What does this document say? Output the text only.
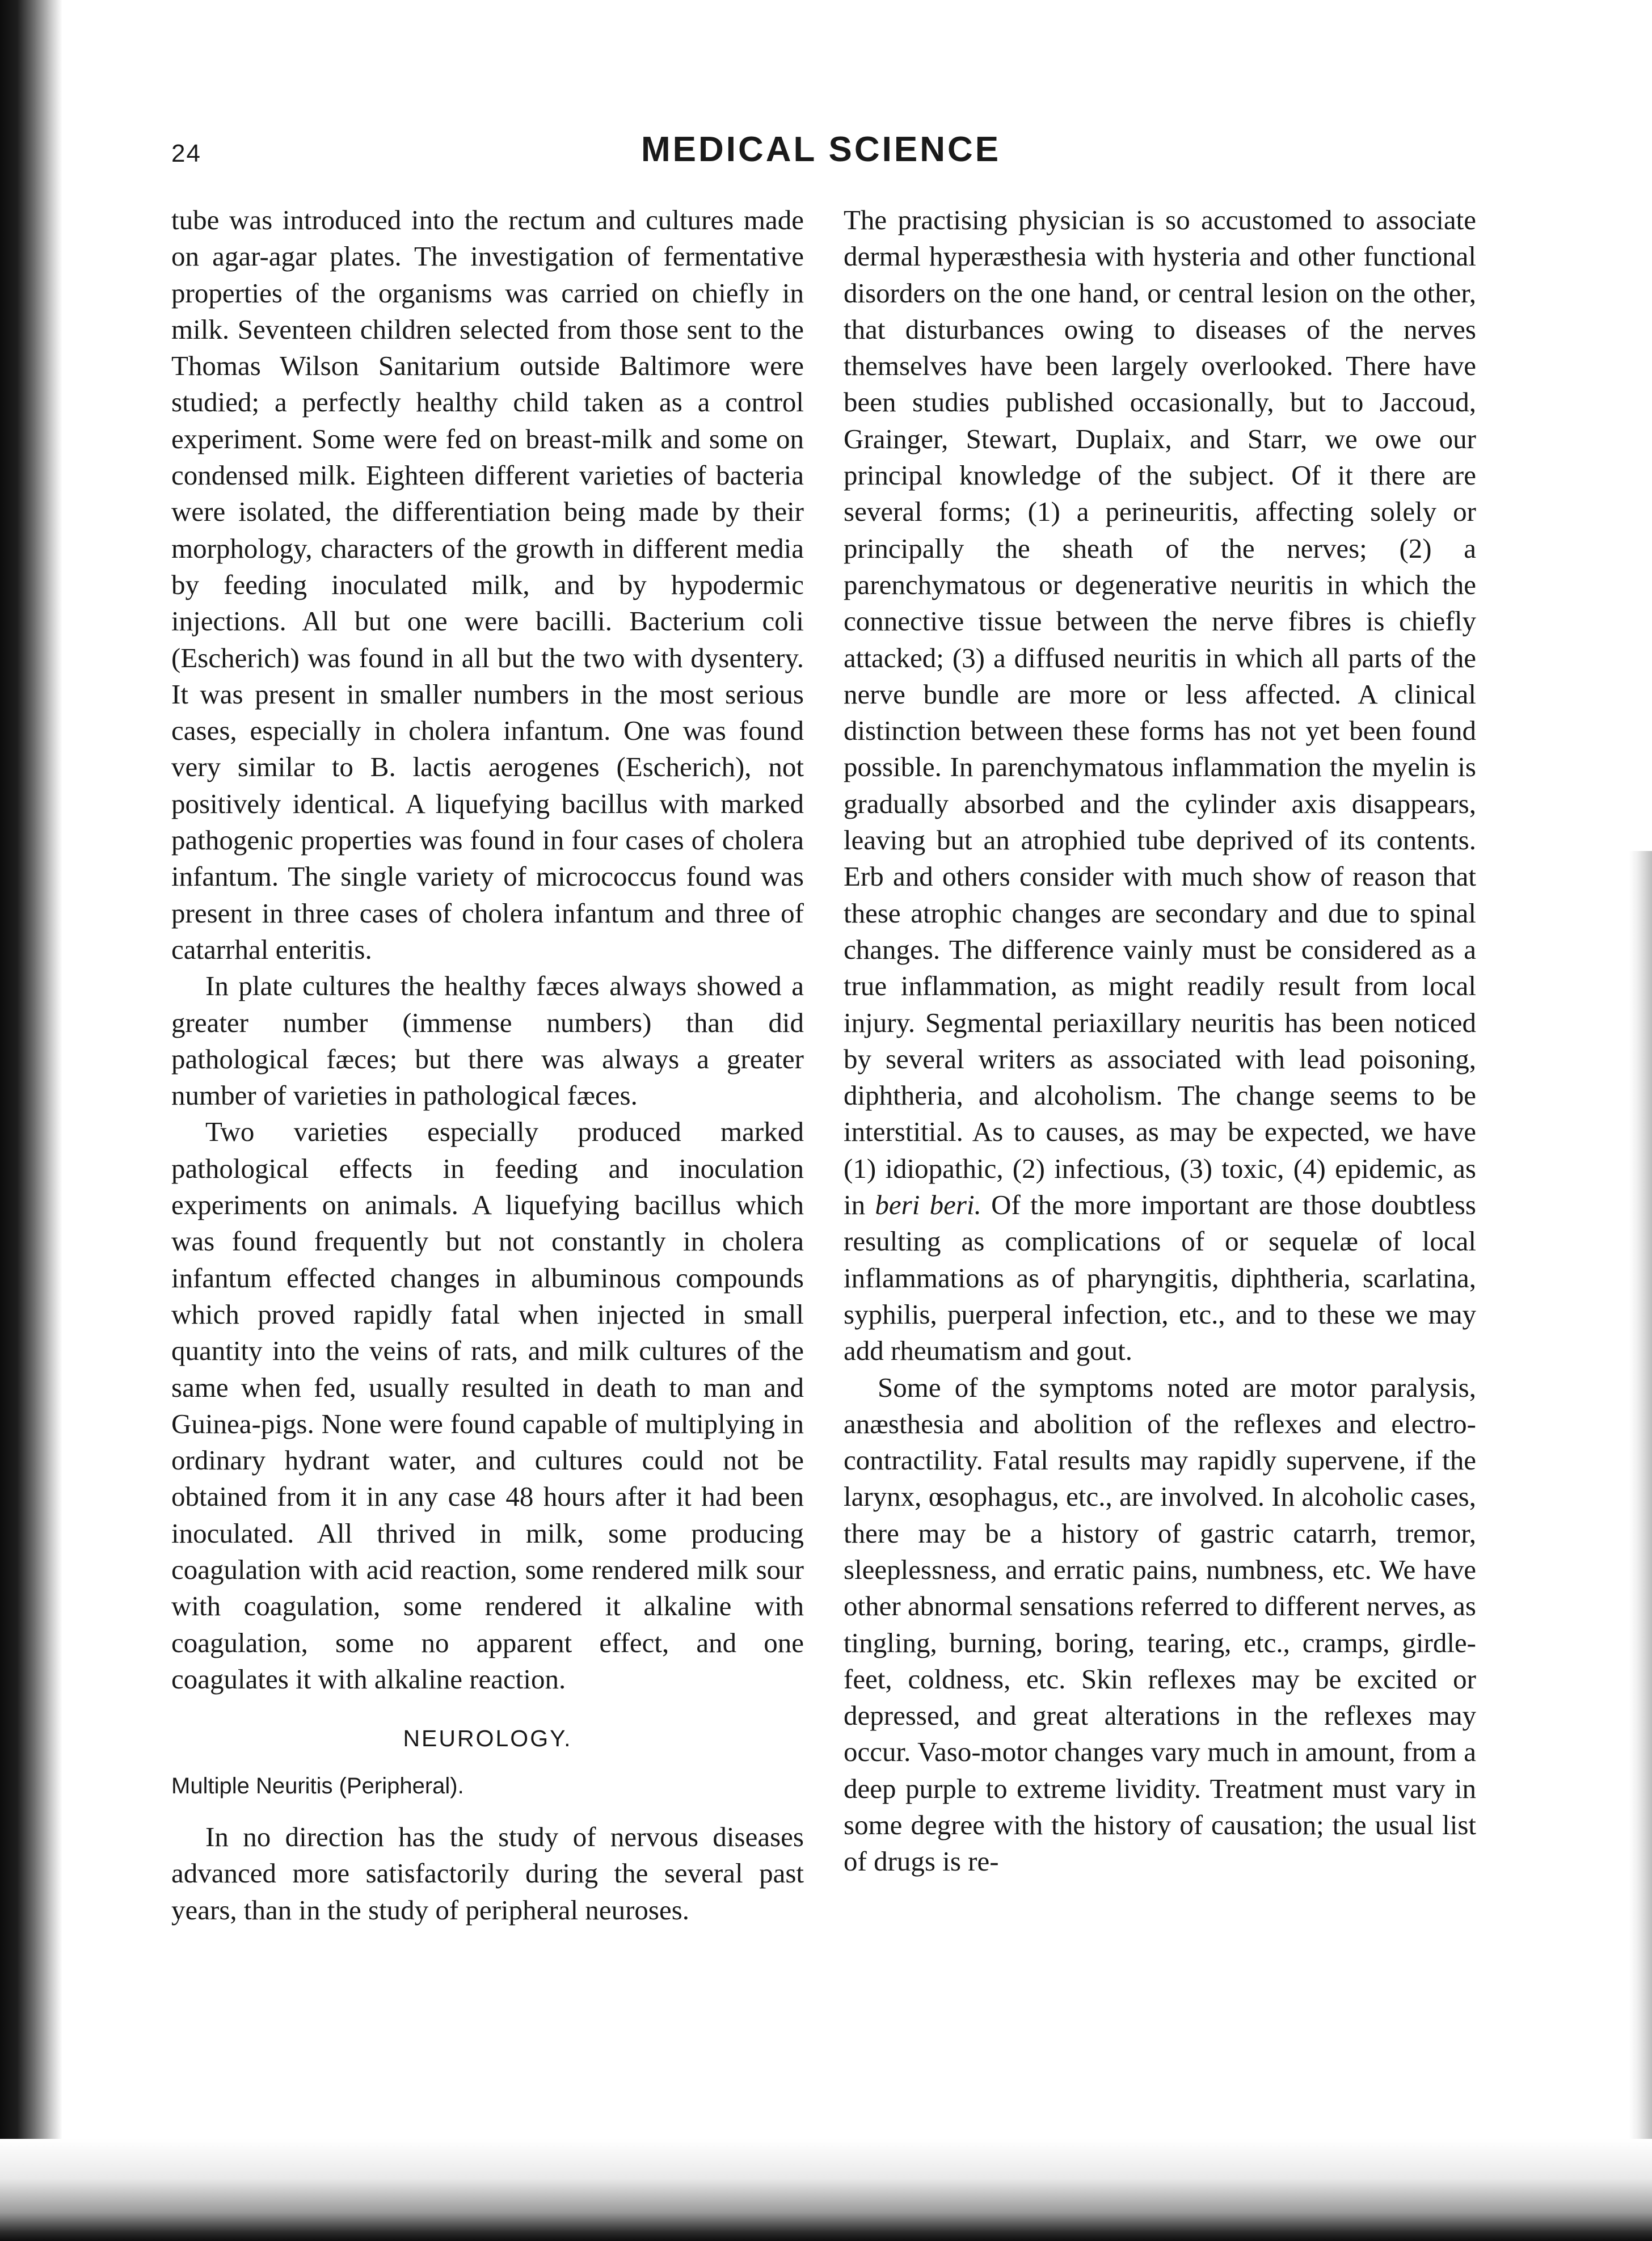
24	MEDICAL SCIENCE

tube was introduced into the rectum and cultures made on agar-agar plates. The investigation of fermentative properties of the organisms was carried on chiefly in milk. Seventeen children selected from those sent to the Thomas Wilson Sanitarium outside Baltimore were studied; a perfectly healthy child taken as a control experiment. Some were fed on breast-milk and some on condensed milk. Eighteen different varieties of bacteria were isolated, the differentiation being made by their morphology, characters of the growth in different media by feeding inoculated milk, and by hypodermic injections. All but one were bacilli. Bacterium coli (Escherich) was found in all but the two with dysentery. It was present in smaller numbers in the most serious cases, especially in cholera infantum. One was found very similar to B. lactis aerogenes (Escherich), not positively identical. A liquefying bacillus with marked pathogenic properties was found in four cases of cholera infantum. The single variety of micrococcus found was present in three cases of cholera infantum and three of catarrhal enteritis.

In plate cultures the healthy fæces always showed a greater number (immense numbers) than did pathological fæces; but there was always a greater number of varieties in pathological fæces.

Two varieties especially produced marked pathological effects in feeding and inoculation experiments on animals. A liquefying bacillus which was found frequently but not constantly in cholera infantum effected changes in albuminous compounds which proved rapidly fatal when injected in small quantity into the veins of rats, and milk cultures of the same when fed, usually resulted in death to man and Guinea-pigs. None were found capable of multiplying in ordinary hydrant water, and cultures could not be obtained from it in any case 48 hours after it had been inoculated. All thrived in milk, some producing coagulation with acid reaction, some rendered milk sour with coagulation, some rendered it alkaline with coagulation, some no apparent effect, and one coagulates it with alkaline reaction.

NEUROLOGY.
Multiple Neuritis (Peripheral).

In no direction has the study of nervous diseases advanced more satisfactorily during the several past years, than in the study of peripheral neuroses.

The practising physician is so accustomed to associate dermal hyperæsthesia with hysteria and other functional disorders on the one hand, or central lesion on the other, that disturbances owing to diseases of the nerves themselves have been largely overlooked. There have been studies published occasionally, but to Jaccoud, Grainger, Stewart, Duplaix, and Starr, we owe our principal knowledge of the subject. Of it there are several forms; (1) a perineuritis, affecting solely or principally the sheath of the nerves; (2) a parenchymatous or degenerative neuritis in which the connective tissue between the nerve fibres is chiefly attacked; (3) a diffused neuritis in which all parts of the nerve bundle are more or less affected. A clinical distinction between these forms has not yet been found possible. In parenchymatous inflammation the myelin is gradually absorbed and the cylinder axis disappears, leaving but an atrophied tube deprived of its contents. Erb and others consider with much show of reason that these atrophic changes are secondary and due to spinal changes. The difference vainly must be considered as a true inflammation, as might readily result from local injury. Segmental periaxillary neuritis has been noticed by several writers as associated with lead poisoning, diphtheria, and alcoholism. The change seems to be interstitial. As to causes, as may be expected, we have (1) idiopathic, (2) infectious, (3) toxic, (4) epidemic, as in beri beri. Of the more important are those doubtless resulting as complications of or sequelæ of local inflammations as of pharyngitis, diphtheria, scarlatina, syphilis, puerperal infection, etc., and to these we may add rheumatism and gout.

Some of the symptoms noted are motor paralysis, anæsthesia and abolition of the reflexes and electro-contractility. Fatal results may rapidly supervene, if the larynx, œsophagus, etc., are involved. In alcoholic cases, there may be a history of gastric catarrh, tremor, sleeplessness, and erratic pains, numbness, etc. We have other abnormal sensations referred to different nerves, as tingling, burning, boring, tearing, etc., cramps, girdle-feet, coldness, etc. Skin reflexes may be excited or depressed, and great alterations in the reflexes may occur. Vaso-motor changes vary much in amount, from a deep purple to extreme lividity. Treatment must vary in some degree with the history of causation; the usual list of drugs is re-
